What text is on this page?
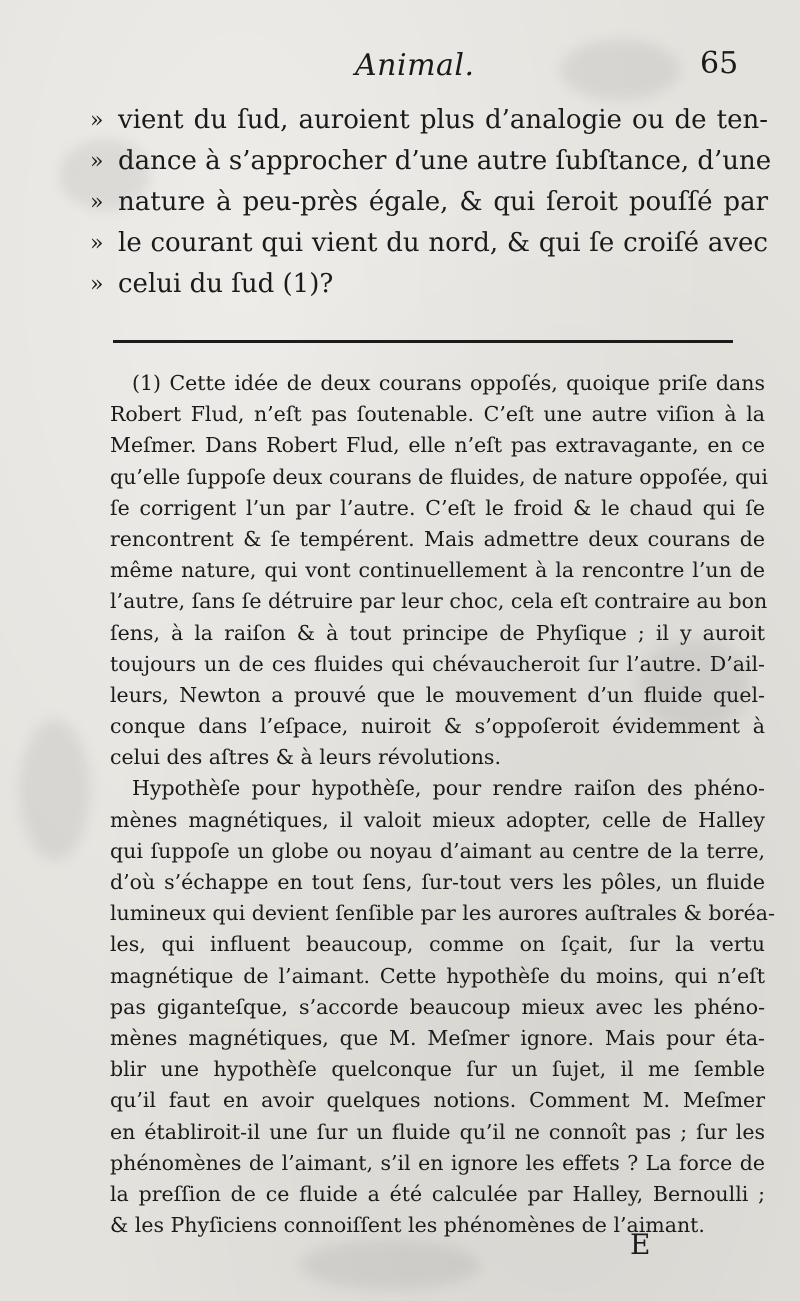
Animal.	65
» vient du ſud, auroient plus d’analogie ou de ten-
» dance à s’approcher d’une autre ſubſtance, d’une
» nature à peu-près égale, & qui ſeroit pouſſé par
» le courant qui vient du nord, & qui ſe croiſé avec
» celui du ſud (1)?
(1) Cette idée de deux courans oppoſés, quoique priſe dans
Robert Flud, n’eſt pas ſoutenable. C’eſt une autre viſion à la
Meſmer. Dans Robert Flud, elle n’eſt pas extravagante, en ce
qu’elle ſuppoſe deux courans de fluides, de nature oppoſée, qui
ſe corrigent l’un par l’autre. C’eſt le froid & le chaud qui ſe
rencontrent & ſe tempérent. Mais admettre deux courans de
même nature, qui vont continuellement à la rencontre l’un de
l’autre, ſans ſe détruire par leur choc, cela eſt contraire au bon
ſens, à la raiſon & à tout principe de Phyſique ; il y auroit
toujours un de ces fluides qui chévaucheroit ſur l’autre. D’ail-
leurs, Newton a prouvé que le mouvement d’un fluide quel-
conque dans l’eſpace, nuiroit & s’oppoſeroit évidemment à
celui des aſtres & à leurs révolutions.
Hypothèſe pour hypothèſe, pour rendre raiſon des phéno-
mènes magnétiques, il valoit mieux adopter, celle de Halley
qui ſuppoſe un globe ou noyau d’aimant au centre de la terre,
d’où s’échappe en tout ſens, ſur-tout vers les pôles, un fluide
lumineux qui devient ſenſible par les aurores auſtrales & boréa-
les, qui influent beaucoup, comme on ſçait, ſur la vertu
magnétique de l’aimant. Cette hypothèſe du moins, qui n’eſt
pas giganteſque, s’accorde beaucoup mieux avec les phéno-
mènes magnétiques, que M. Meſmer ignore. Mais pour éta-
blir une hypothèſe quelconque ſur un ſujet, il me ſemble
qu’il faut en avoir quelques notions. Comment M. Meſmer
en établiroit-il une ſur un fluide qu’il ne connoît pas ; ſur les
phénomènes de l’aimant, s’il en ignore les effets ? La force de
la preſſion de ce fluide a été calculée par Halley, Bernoulli ;
& les Phyſiciens connoiſſent les phénomènes de l’aimant.
E
